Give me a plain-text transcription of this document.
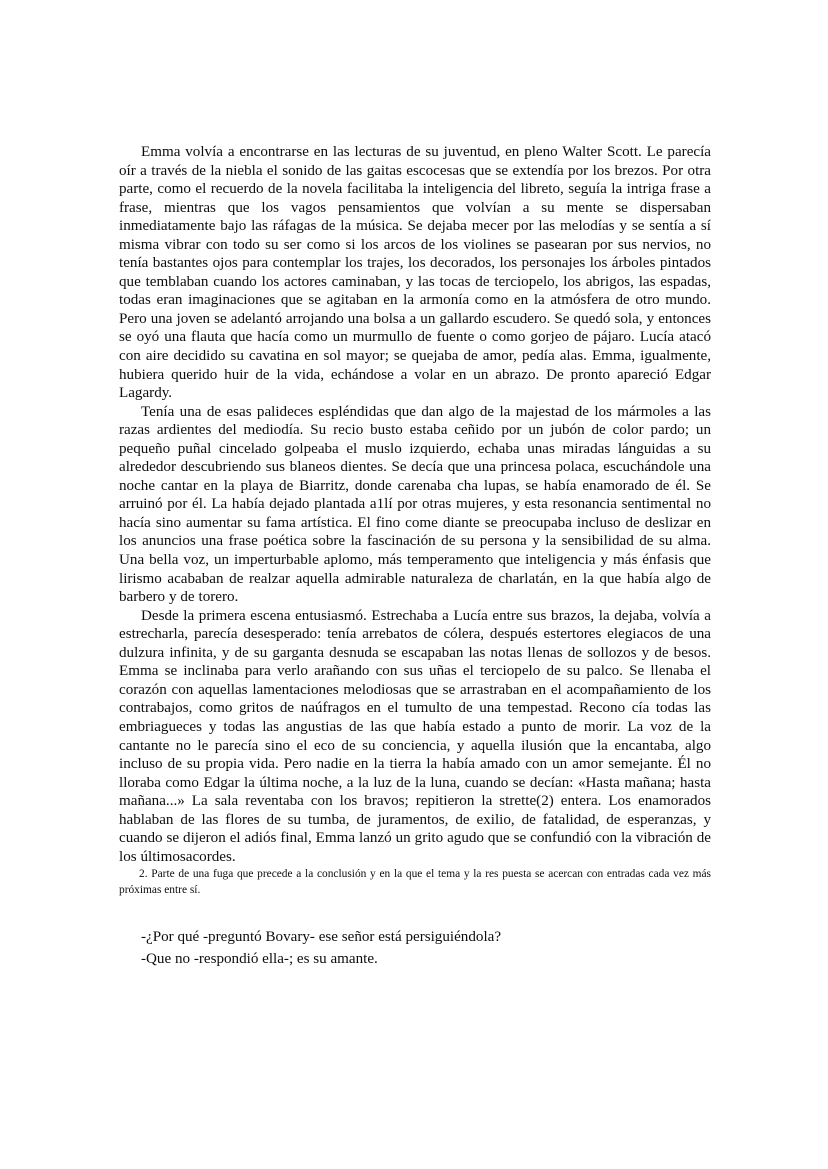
Emma volvía a encontrarse en las lecturas de su juventud, en pleno Walter Scott. Le parecía oír a través de la niebla el sonido de las gaitas escocesas que se extendía por los brezos. Por otra parte, como el recuerdo de la novela facilitaba la inteligencia del libreto, seguía la intriga frase a frase, mientras que los vagos pensamientos que volvían a su mente se dispersaban inmediatamente bajo las ráfagas de la música. Se dejaba mecer por las melodías y se sentía a sí misma vibrar con todo su ser como si los arcos de los violines se pasearan por sus nervios, no tenía bastantes ojos para contemplar los trajes, los decorados, los personajes los árboles pintados que temblaban cuando los actores caminaban, y las tocas de terciopelo, los abrigos, las espadas, todas eran imaginaciones que se agitaban en la armonía como en la atmósfera de otro mundo. Pero una joven se adelantó arrojando una bolsa a un gallardo escudero. Se quedó sola, y entonces se oyó una flauta que hacía como un murmullo de fuente o como gorjeo de pájaro. Lucía atacó con aire decidido su cavatina en sol mayor; se quejaba de amor, pedía alas. Emma, igualmente, hubiera querido huir de la vida, echándose a volar en un abrazo. De pronto apareció Edgar Lagardy.

Tenía una de esas palideces espléndidas que dan algo de la majestad de los mármoles a las razas ardientes del mediodía. Su recio busto estaba ceñido por un jubón de color pardo; un pequeño puñal cincelado golpeaba el muslo izquierdo, echaba unas miradas lánguidas a su alrededor descubriendo sus blaneos dientes. Se decía que una princesa polaca, escuchándole una noche cantar en la playa de Biarritz, donde carenaba cha lupas, se había enamorado de él. Se arruinó por él. La había dejado plantada a1lí por otras mujeres, y esta resonancia sentimental no hacía sino aumentar su fama artística. El fino come diante se preocupaba incluso de deslizar en los anuncios una frase poética sobre la fascinación de su persona y la sensibilidad de su alma. Una bella voz, un imperturbable aplomo, más temperamento que inteligencia y más énfasis que lirismo acababan de realzar aquella admirable naturaleza de charlatán, en la que había algo de barbero y de torero.

Desde la primera escena entusiasmó. Estrechaba a Lucía entre sus brazos, la dejaba, volvía a estrecharla, parecía desesperado: tenía arrebatos de cólera, después estertores elegiacos de una dulzura infinita, y de su garganta desnuda se escapaban las notas llenas de sollozos y de besos. Emma se inclinaba para verlo arañando con sus uñas el terciopelo de su palco. Se llenaba el corazón con aquellas lamentaciones melodiosas que se arrastraban en el acompañamiento de los contrabajos, como gritos de naúfragos en el tumulto de una tempestad. Recono cía todas las embriagueces y todas las angustias de las que había estado a punto de morir. La voz de la cantante no le parecía sino el eco de su conciencia, y aquella ilusión que la encantaba, algo incluso de su propia vida. Pero nadie en la tierra la había amado con un amor semejante. Él no lloraba como Edgar la última noche, a la luz de la luna, cuando se decían: «Hasta mañana; hasta mañana...» La sala reventaba con los bravos; repitieron la strette(2) entera. Los enamorados hablaban de las flores de su tumba, de juramentos, de exilio, de fatalidad, de esperanzas, y cuando se dijeron el adiós final, Emma lanzó un grito agudo que se confundió con la vibración de los últimosacordes.

2. Parte de una fuga que precede a la conclusión y en la que el tema y la res puesta se acercan con entradas cada vez más próximas entre sí.

-¿Por qué -preguntó Bovary- ese señor está persiguiéndola?

-Que no -respondió ella-; es su amante.
